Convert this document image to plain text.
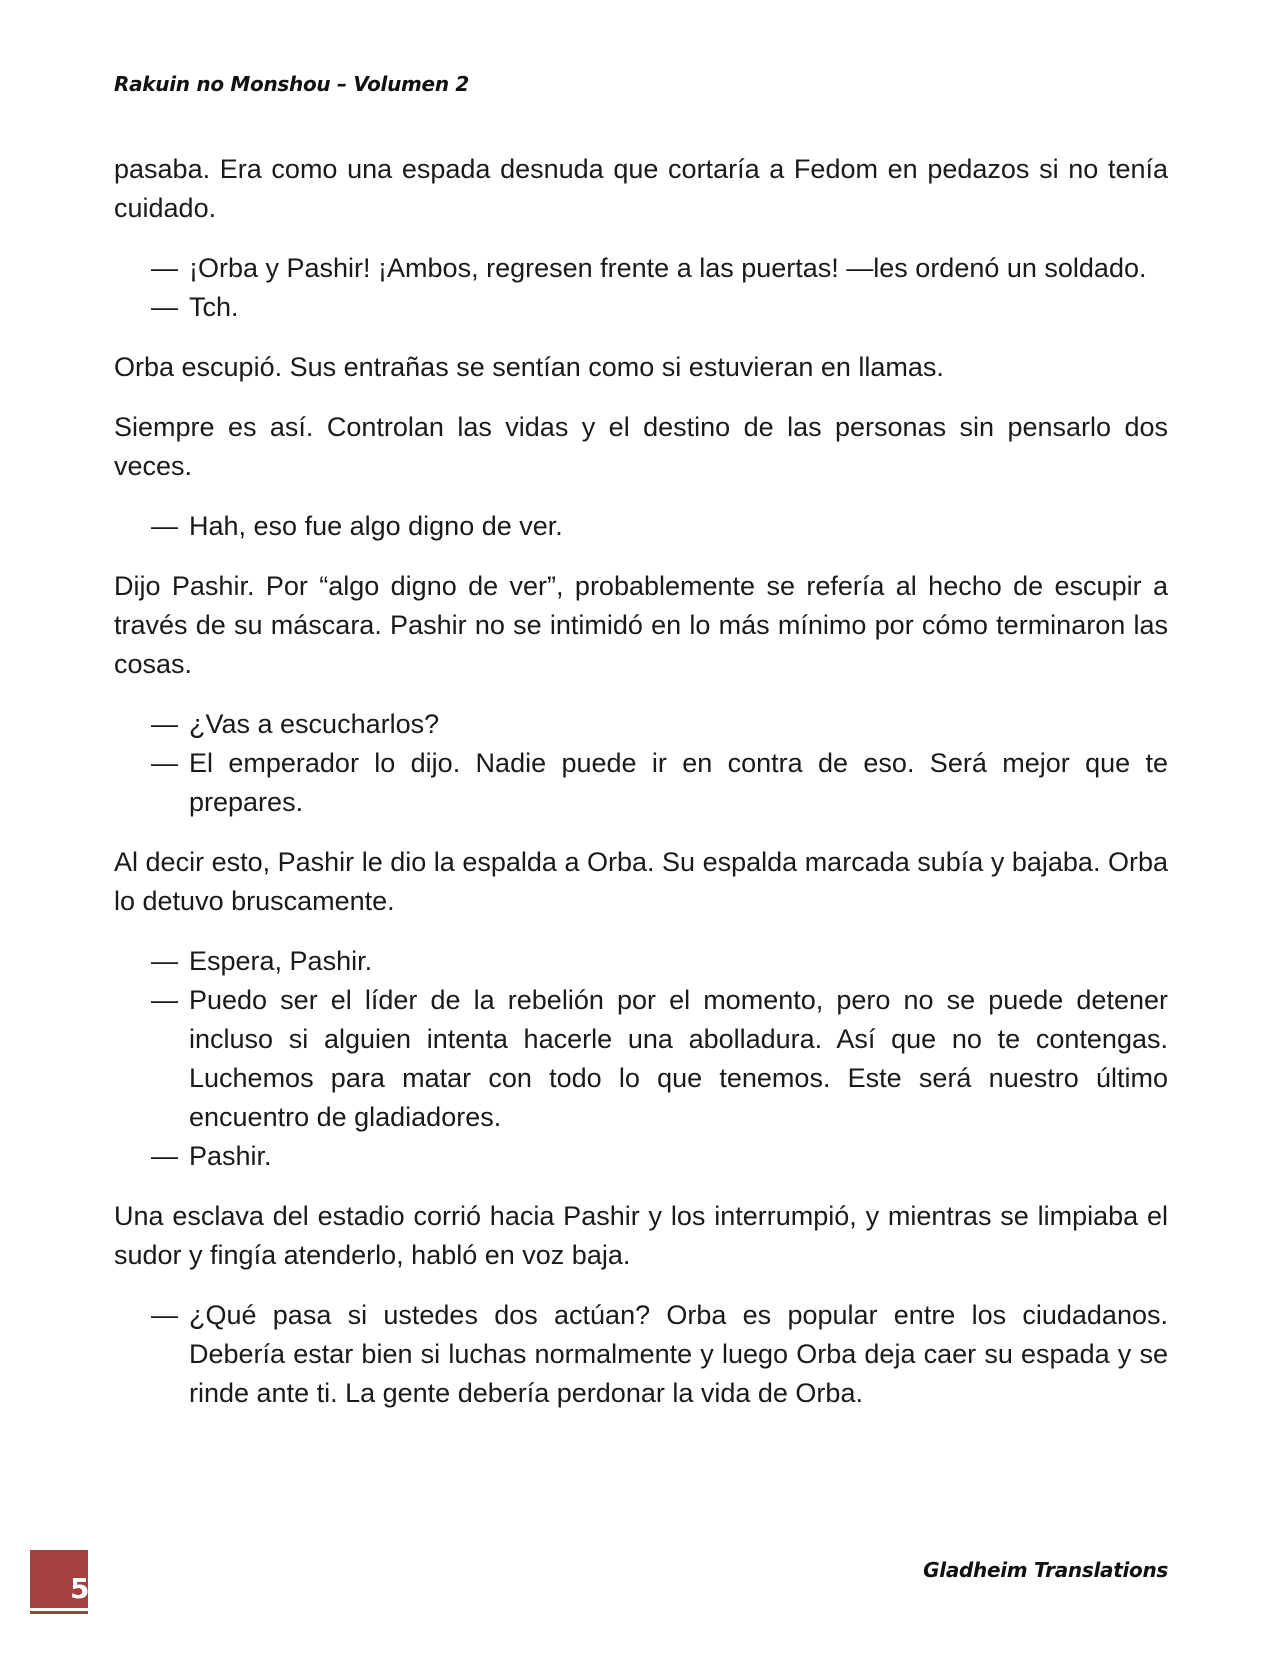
Rakuin no Monshou – Volumen 2

pasaba. Era como una espada desnuda que cortaría a Fedom en pedazos si no tenía cuidado.

— ¡Orba y Pashir! ¡Ambos, regresen frente a las puertas! —les ordenó un soldado.
— Tch.

Orba escupió. Sus entrañas se sentían como si estuvieran en llamas.

Siempre es así. Controlan las vidas y el destino de las personas sin pensarlo dos veces.

— Hah, eso fue algo digno de ver.

Dijo Pashir. Por “algo digno de ver”, probablemente se refería al hecho de escupir a través de su máscara. Pashir no se intimidó en lo más mínimo por cómo terminaron las cosas.

— ¿Vas a escucharlos?
— El emperador lo dijo. Nadie puede ir en contra de eso. Será mejor que te prepares.

Al decir esto, Pashir le dio la espalda a Orba. Su espalda marcada subía y bajaba. Orba lo detuvo bruscamente.

— Espera, Pashir.
— Puedo ser el líder de la rebelión por el momento, pero no se puede detener incluso si alguien intenta hacerle una abolladura. Así que no te contengas. Luchemos para matar con todo lo que tenemos. Este será nuestro último encuentro de gladiadores.
— Pashir.

Una esclava del estadio corrió hacia Pashir y los interrumpió, y mientras se limpiaba el sudor y fingía atenderlo, habló en voz baja.

— ¿Qué pasa si ustedes dos actúan? Orba es popular entre los ciudadanos. Debería estar bien si luchas normalmente y luego Orba deja caer su espada y se rinde ante ti. La gente debería perdonar la vida de Orba.
5
Gladheim Translations
